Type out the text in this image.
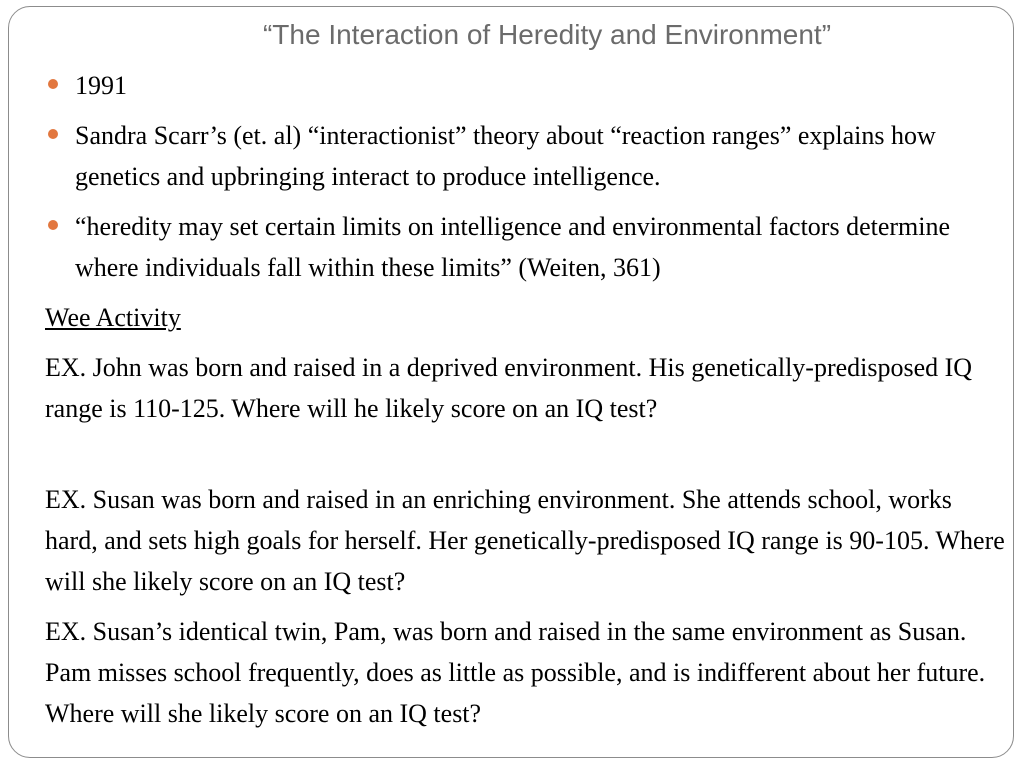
“The Interaction of Heredity and Environment”
1991
Sandra Scarr’s (et. al) “interactionist” theory about “reaction ranges” explains how genetics and upbringing interact to produce intelligence.
“heredity may set certain limits on intelligence and environmental factors determine where individuals fall within these limits” (Weiten, 361)

Wee Activity

EX. John was born and raised in a deprived environment. His genetically-predisposed IQ range is 110-125. Where will he likely score on an IQ test?

EX. Susan was born and raised in an enriching environment. She attends school, works hard, and sets high goals for herself. Her genetically-predisposed IQ range is 90-105. Where will she likely score on an IQ test?

EX. Susan’s identical twin, Pam, was born and raised in the same environment as Susan. Pam misses school frequently, does as little as possible, and is indifferent about her future. Where will she likely score on an IQ test?
